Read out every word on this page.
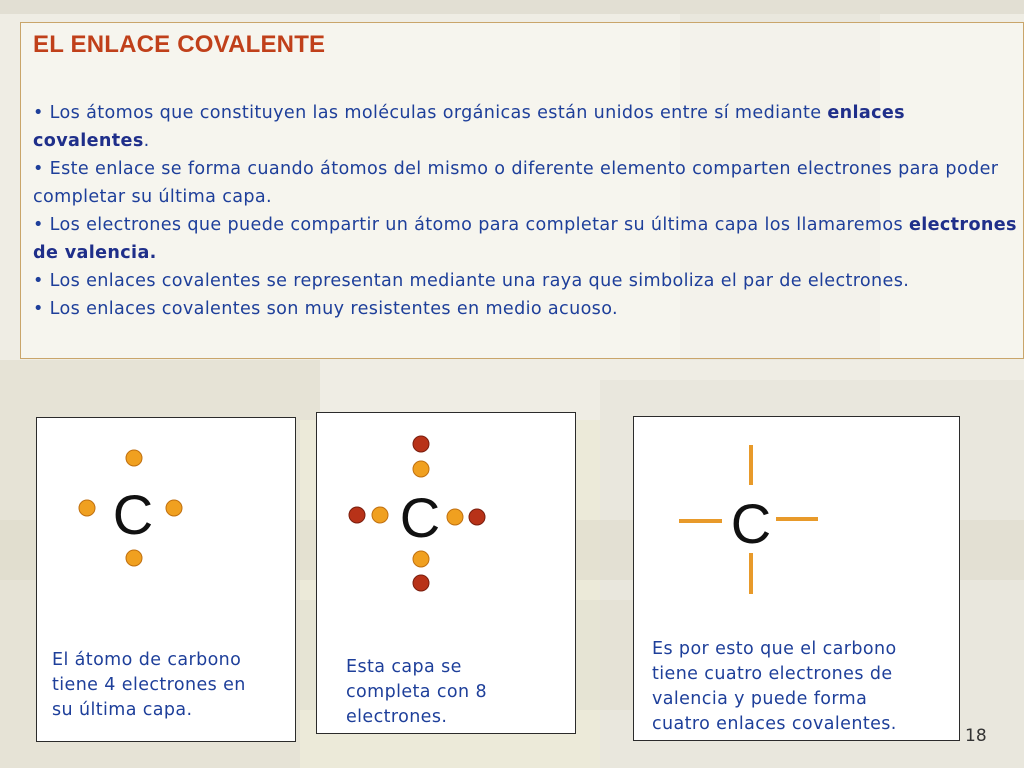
EL ENLACE COVALENTE

• Los átomos que constituyen las moléculas orgánicas están unidos entre sí mediante enlaces covalentes.

• Este enlace se forma cuando átomos del mismo o diferente elemento comparten electrones para poder completar su última capa.

• Los electrones que puede compartir un átomo para completar su última capa los llamaremos electrones de valencia.

• Los enlaces covalentes se representan mediante una raya que simboliza el par de electrones.

• Los enlaces covalentes son muy resistentes en medio acuoso.

C
El átomo de carbono
tiene 4 electrones en
su última capa.
C
Esta capa se
completa con 8
electrones.
C
Es por esto que el carbono
tiene cuatro electrones de
valencia y puede forma
cuatro enlaces covalentes.
18
